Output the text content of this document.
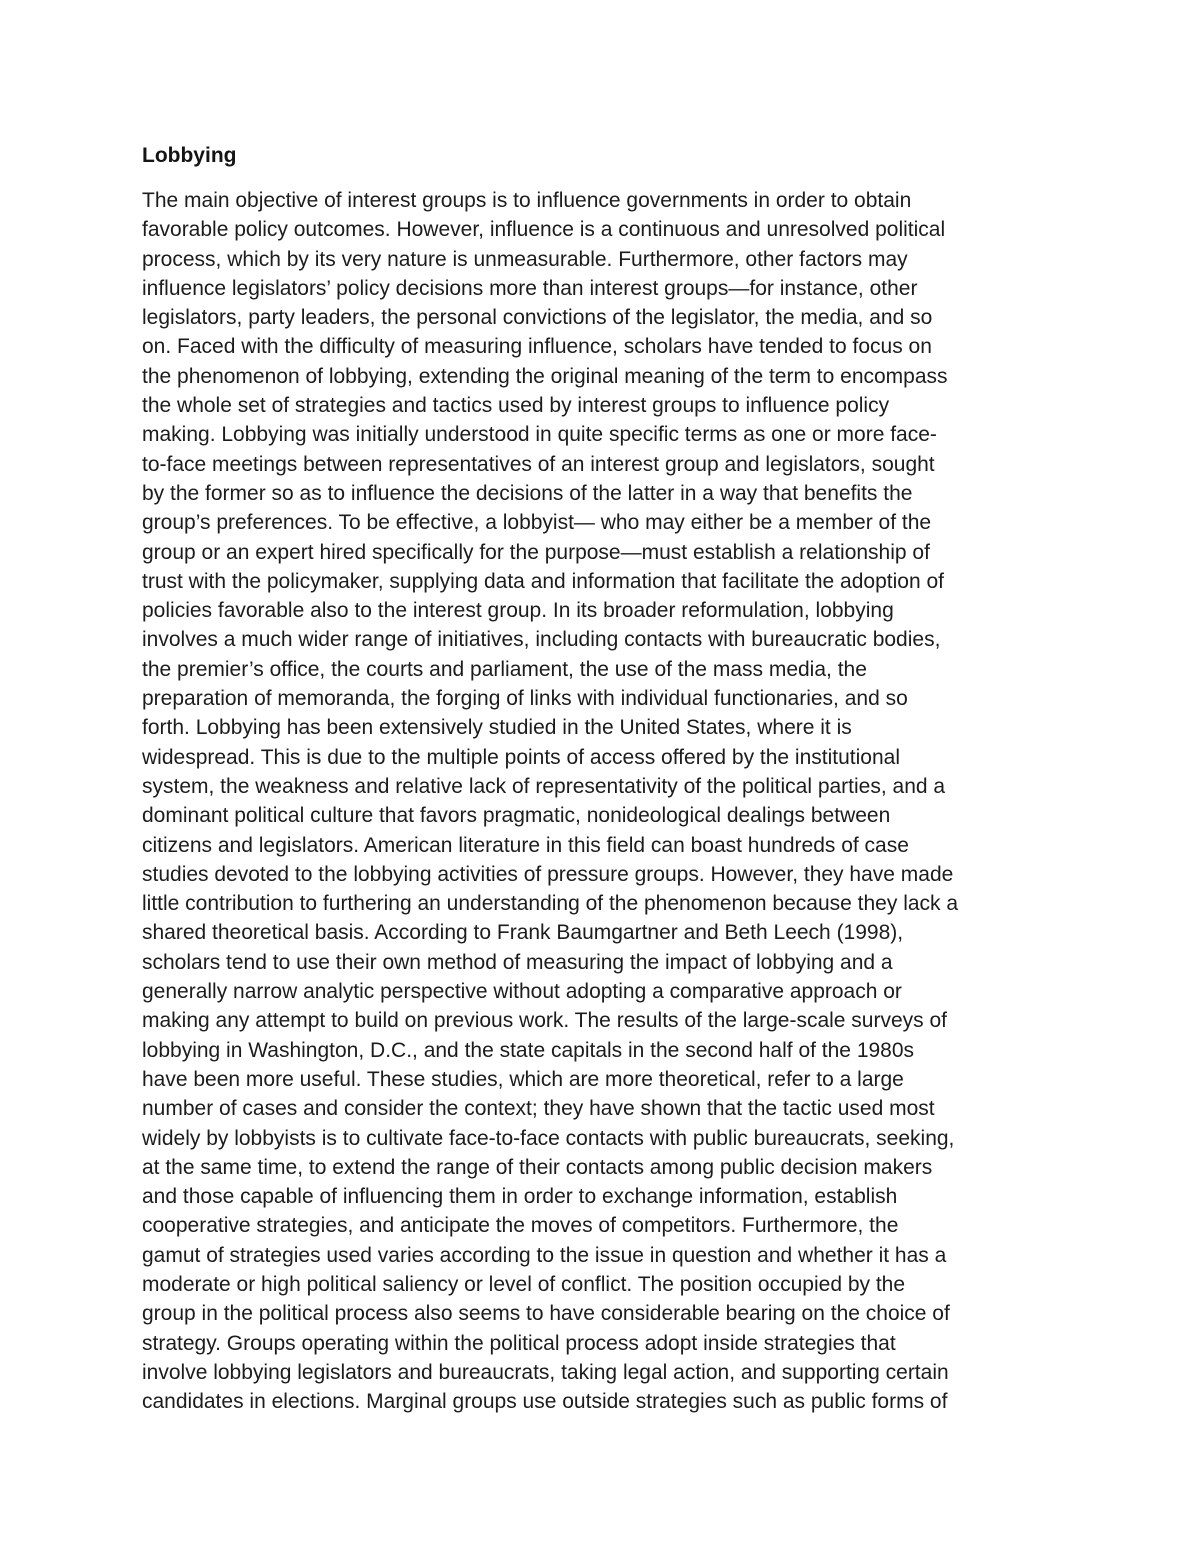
Lobbying
The main objective of interest groups is to influence governments in order to obtain
favorable policy outcomes. However, influence is a continuous and unresolved political
process, which by its very nature is unmeasurable. Furthermore, other factors may
influence legislators’ policy decisions more than interest groups—for instance, other
legislators, party leaders, the personal convictions of the legislator, the media, and so
on. Faced with the difficulty of measuring influence, scholars have tended to focus on
the phenomenon of lobbying, extending the original meaning of the term to encompass
the whole set of strategies and tactics used by interest groups to influence policy
making. Lobbying was initially understood in quite specific terms as one or more face-
to-face meetings between representatives of an interest group and legislators, sought
by the former so as to influence the decisions of the latter in a way that benefits the
group’s preferences. To be effective, a lobbyist— who may either be a member of the
group or an expert hired specifically for the purpose—must establish a relationship of
trust with the policymaker, supplying data and information that facilitate the adoption of
policies favorable also to the interest group. In its broader reformulation, lobbying
involves a much wider range of initiatives, including contacts with bureaucratic bodies,
the premier’s office, the courts and parliament, the use of the mass media, the
preparation of memoranda, the forging of links with individual functionaries, and so
forth. Lobbying has been extensively studied in the United States, where it is
widespread. This is due to the multiple points of access offered by the institutional
system, the weakness and relative lack of representativity of the political parties, and a
dominant political culture that favors pragmatic, nonideological dealings between
citizens and legislators. American literature in this field can boast hundreds of case
studies devoted to the lobbying activities of pressure groups. However, they have made
little contribution to furthering an understanding of the phenomenon because they lack a
shared theoretical basis. According to Frank Baumgartner and Beth Leech (1998),
scholars tend to use their own method of measuring the impact of lobbying and a
generally narrow analytic perspective without adopting a comparative approach or
making any attempt to build on previous work. The results of the large-scale surveys of
lobbying in Washington, D.C., and the state capitals in the second half of the 1980s
have been more useful. These studies, which are more theoretical, refer to a large
number of cases and consider the context; they have shown that the tactic used most
widely by lobbyists is to cultivate face-to-face contacts with public bureaucrats, seeking,
at the same time, to extend the range of their contacts among public decision makers
and those capable of influencing them in order to exchange information, establish
cooperative strategies, and anticipate the moves of competitors. Furthermore, the
gamut of strategies used varies according to the issue in question and whether it has a
moderate or high political saliency or level of conflict. The position occupied by the
group in the political process also seems to have considerable bearing on the choice of
strategy. Groups operating within the political process adopt inside strategies that
involve lobbying legislators and bureaucrats, taking legal action, and supporting certain
candidates in elections. Marginal groups use outside strategies such as public forms of
